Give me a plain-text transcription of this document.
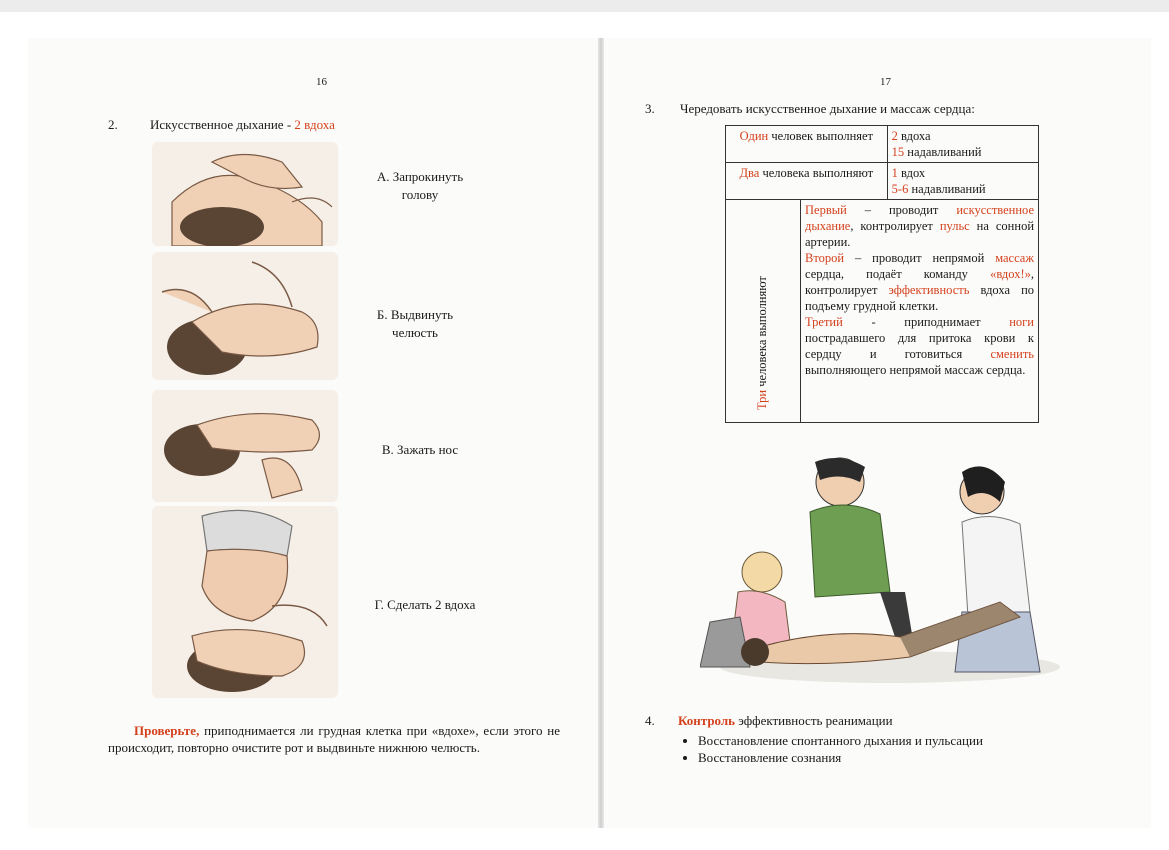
16
2. Искусственное дыхание - 2 вдоха
А. Запрокинуть
голову
Б. Выдвинуть
челюсть
В. Зажать нос
Г. Сделать 2 вдоха
Проверьте, приподнимается ли грудная клетка при «вдохе», если этого не происходит, повторно очистите рот и выдвиньте нижнюю челюсть.
17
3. Чередовать искусственное дыхание и массаж сердца:
Один человек выполняет		2 вдоха
15 надавливаний

Два человека выполняют		1 вдох
5-6 надавливаний

Три человека выполняют	Первый – проводит искусственное дыхание, контролирует пульс на сонной артерии.
Второй – проводит непрямой массаж сердца, подаёт команду «вдох!», контролирует эффективность вдоха по подъему грудной клетки.
Третий - приподнимает ноги пострадавшего для притока крови к сердцу и готовиться сменить выполняющего непрямой массаж сердца.	
4. Контроль эффективность реанимации
• Восстановление спонтанного дыхания и пульсации
• Восстановление сознания
